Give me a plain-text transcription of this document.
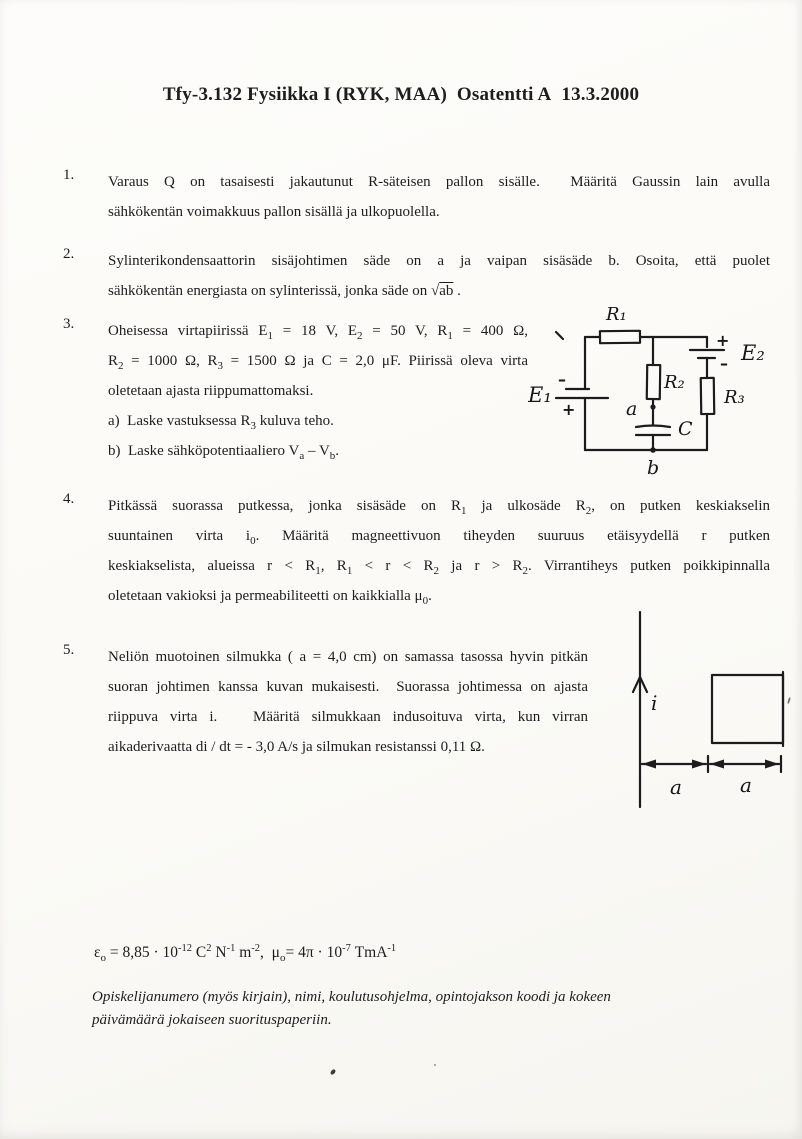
Tfy-3.132 Fysiikka I (RYK, MAA)  Osatentti A  13.3.2000
1. Varaus Q on tasaisesti jakautunut R-säteisen pallon sisälle.  Määritä Gaussin lain avulla
sähkökentän voimakkuus pallon sisällä ja ulkopuolella.
2. Sylinterikondensaattorin sisäjohtimen säde on a ja vaipan sisäsäde b. Osoita, että puolet
sähkökentän energiasta on sylinterissä, jonka säde on √ab .
3. Oheisessa virtapiirissä $E_1 = 18$ V, $E_2 = 50$ V, $R_1 = 400$ Ω,
$R_2 = 1000$ Ω, $R_3 = 1500$ Ω ja C = 2,0 μF. Piirissä oleva virta
oletetaan ajasta riippumattomaksi.
a)  Laske vastuksessa $R_3$ kuluva teho.
b)  Laske sähköpotentiaaliero $V_a - V_b$.
4. Pitkässä suorassa putkessa, jonka sisäsäde on $R_1$ ja ulkosäde $R_2$, on putken keskiakselin
suuntainen virta $i_0$. Määritä magneettivuon tiheyden suuruus etäisyydellä r putken
keskiakselista, alueissa $r < R_1$, $R_1 < r < R_2$ ja $r > R_2$. Virrantiheys putken poikkipinnalla
oletetaan vakioksi ja permeabiliteetti on kaikkialla $\mu_0$.
5. Neliön muotoinen silmukka ( a = 4,0 cm) on samassa tasossa hyvin pitkän
suoran johtimen kanssa kuvan mukaisesti.  Suorassa johtimessa on ajasta
riippuva virta i.   Määritä silmukkaan indusoituva virta, kun virran
aikaderivaatta di / dt = - 3,0 A/s ja silmukan resistanssi 0,11 Ω.
R₁
–
+
E₁
R₂
a
C
b
+
– E₂
R₃
i
a	a
$\varepsilon_o = 8,85 \cdot 10^{-12}$ $C^2$ $N^{-1}$ $m^{-2}$,  $\mu_o= 4\pi \cdot 10^{-7}$ TmA$^{-1}$
Opiskelijanumero (myös kirjain), nimi, koulutusohjelma, opintojakson koodi ja kokeen
päivämäärä jokaiseen suorituspaperiin.
